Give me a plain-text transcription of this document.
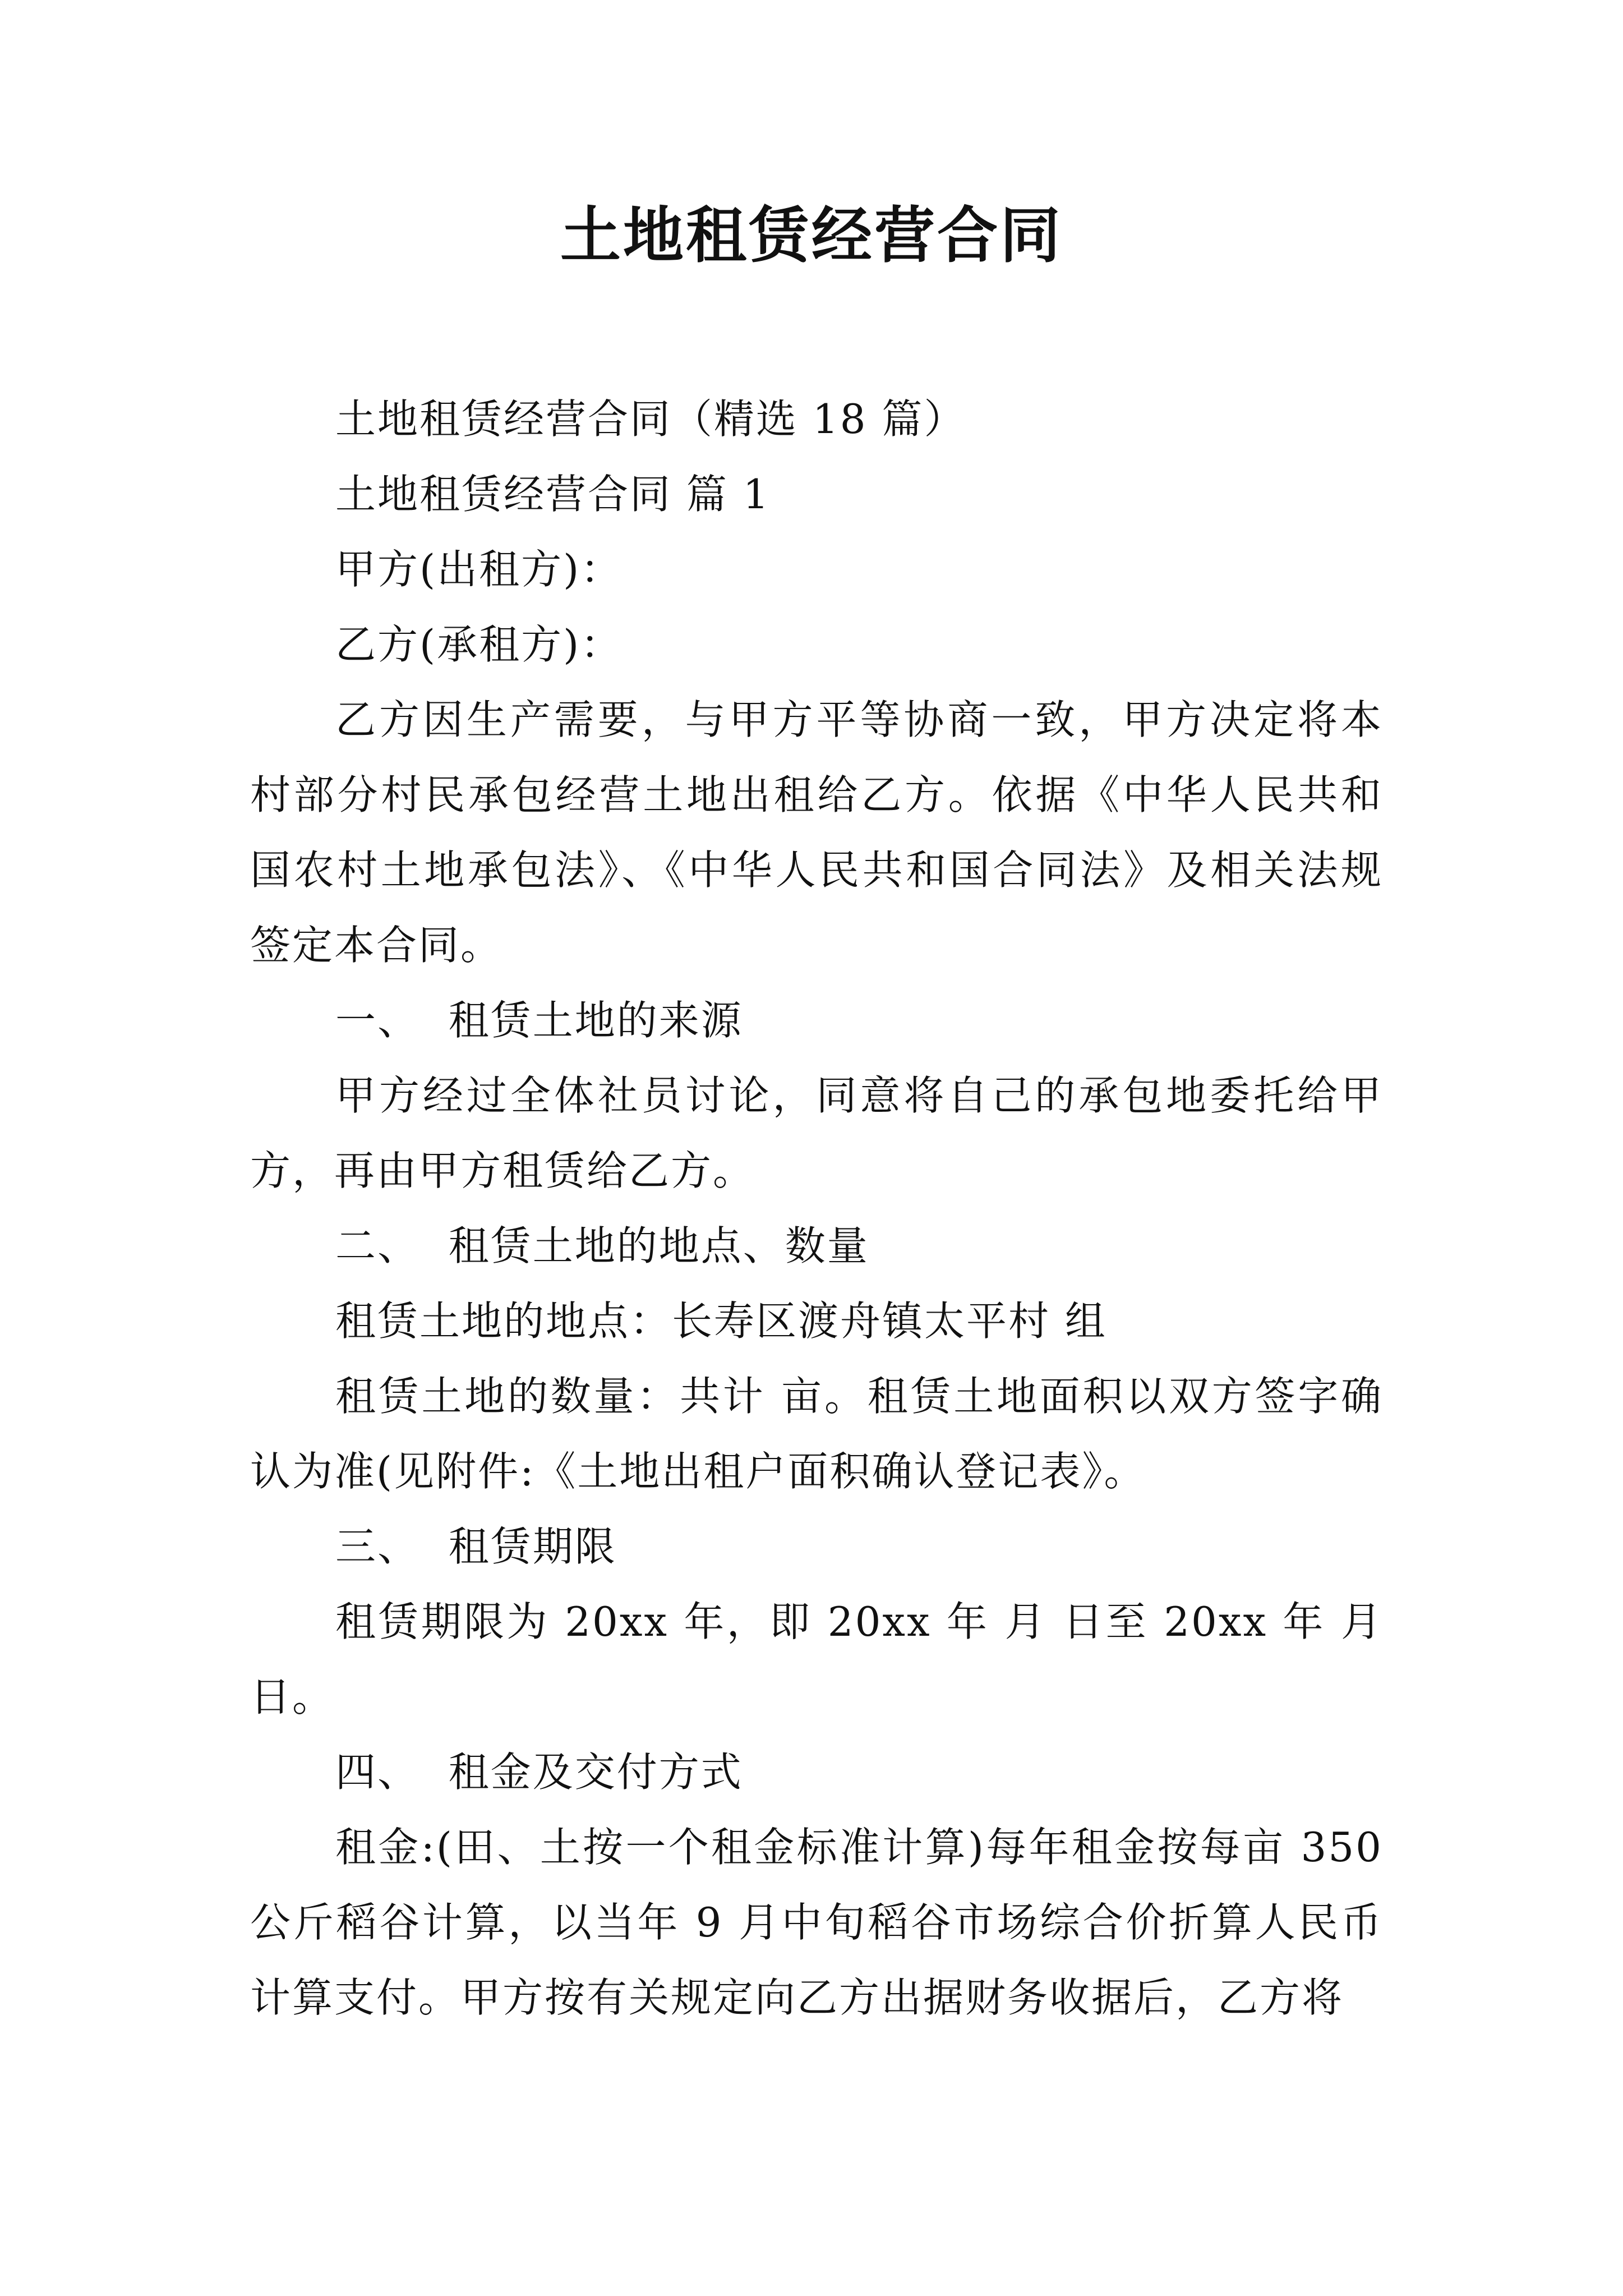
土地租赁经营合同

土地租赁经营合同（精选 18 篇）

土地租赁经营合同 篇 1

甲方(出租方)：

乙方(承租方)：

乙方因生产需要，与甲方平等协商一致，甲方决定将本村部分村民承包经营土地出租给乙方。依据《中华人民共和国农村土地承包法》、《中华人民共和国合同法》及相关法规签定本合同。

一、  租赁土地的来源

甲方经过全体社员讨论，同意将自己的承包地委托给甲方，再由甲方租赁给乙方。

二、  租赁土地的地点、数量

租赁土地的地点：长寿区渡舟镇太平村 组

租赁土地的数量：共计 亩。租赁土地面积以双方签字确认为准(见附件:《土地出租户面积确认登记表》。

三、  租赁期限

租赁期限为 20xx 年，即 20xx 年 月 日至 20xx 年 月日。

四、  租金及交付方式

租金:(田、土按一个租金标准计算)每年租金按每亩 350 公斤稻谷计算，以当年 9 月中旬稻谷市场综合价折算人民币计算支付。甲方按有关规定向乙方出据财务收据后，乙方将
